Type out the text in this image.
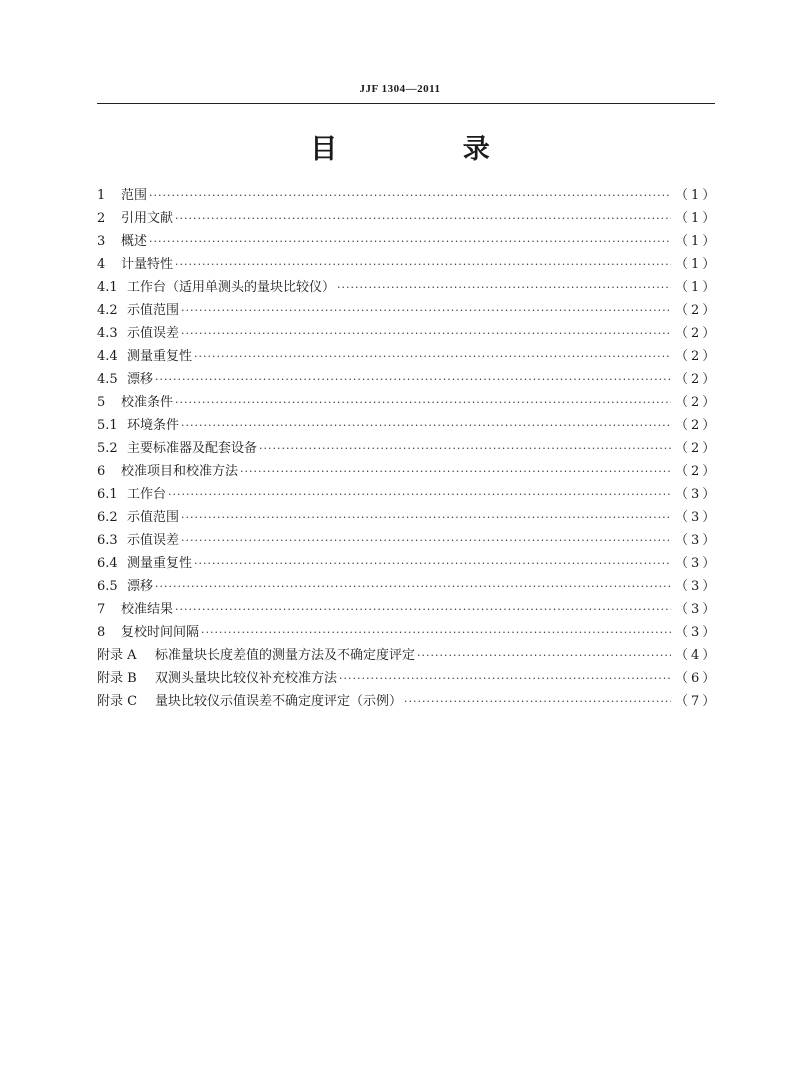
JJF 1304—2011
目 录
1	范围 ·····	（1）
2	引用文献 ·····	（1）
3	概述 ·····	（1）
4	计量特性 ·····	（1）
4.1 工作台（适用单测头的量块比较仪） ·····	（1）
4.2 示值范围 ·····	（2）
4.3 示值误差 ·····	（2）
4.4 测量重复性 ·····	（2）
4.5 漂移 ·····	（2）
5	校准条件 ·····	（2）
5.1 环境条件 ·····	（2）
5.2 主要标准器及配套设备 ·····	（2）
6	校准项目和校准方法 ·····	（2）
6.1 工作台 ·····	（3）
6.2 示值范围 ·····	（3）
6.3 示值误差 ·····	（3）
6.4 测量重复性 ·····	（3）
6.5 漂移 ·····	（3）
7	校准结果 ·····	（3）
8	复校时间间隔 ·····	（3）
附录 A	标准量块长度差值的测量方法及不确定度评定 ·····	（4）
附录 B	双测头量块比较仪补充校准方法 ·····	（6）
附录 C	量块比较仪示值误差不确定度评定（示例） ·····	（7）
